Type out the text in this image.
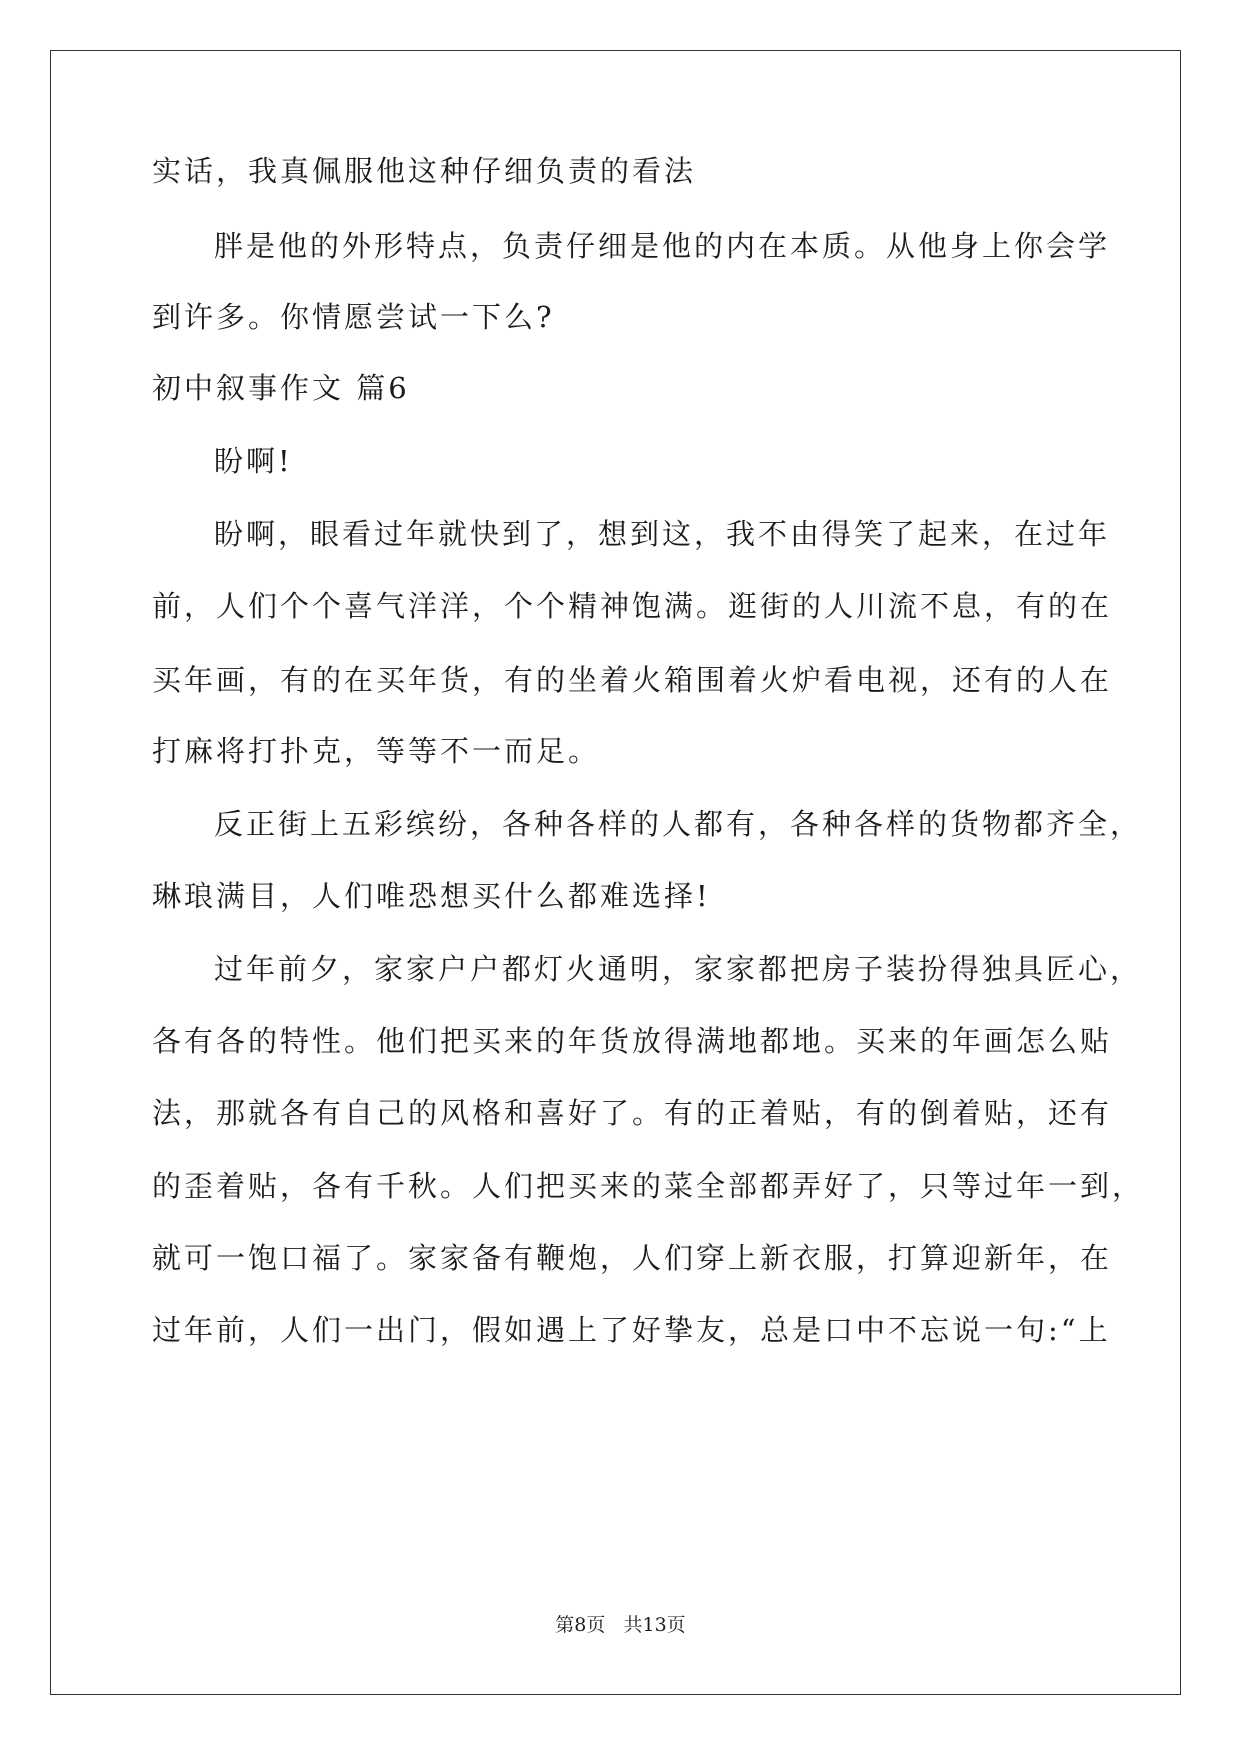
实话，我真佩服他这种仔细负责的看法
胖是他的外形特点，负责仔细是他的内在本质。从他身上你会学
到许多。你情愿尝试一下么?
初中叙事作文 篇6
盼啊!
盼啊，眼看过年就快到了，想到这，我不由得笑了起来，在过年
前，人们个个喜气洋洋，个个精神饱满。逛街的人川流不息，有的在
买年画，有的在买年货，有的坐着火箱围着火炉看电视，还有的人在
打麻将打扑克，等等不一而足。
反正街上五彩缤纷，各种各样的人都有，各种各样的货物都齐全，
琳琅满目，人们唯恐想买什么都难选择!
过年前夕，家家户户都灯火通明，家家都把房子装扮得独具匠心，
各有各的特性。他们把买来的年货放得满地都地。买来的年画怎么贴
法，那就各有自己的风格和喜好了。有的正着贴，有的倒着贴，还有
的歪着贴，各有千秋。人们把买来的菜全部都弄好了，只等过年一到，
就可一饱口福了。家家备有鞭炮，人们穿上新衣服，打算迎新年，在
过年前，人们一出门，假如遇上了好挚友，总是口中不忘说一句:“上
第8页   共13页
